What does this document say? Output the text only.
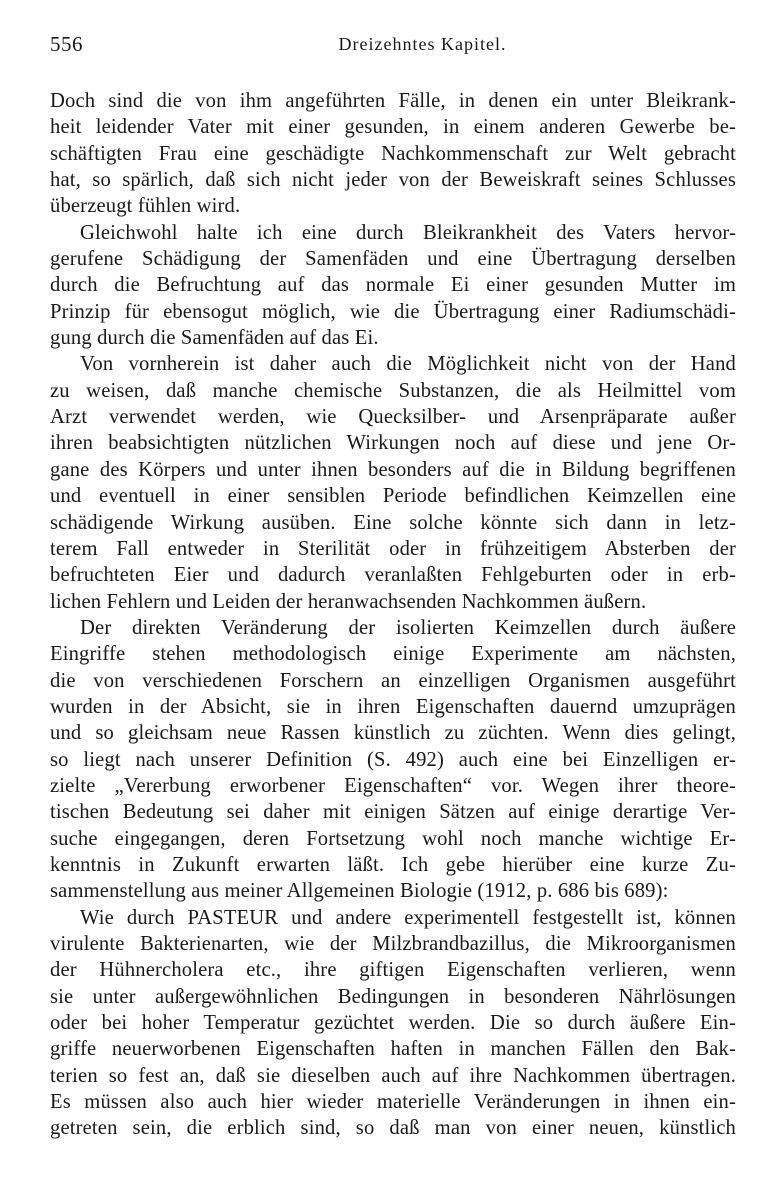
556	Dreizehntes Kapitel.
Doch sind die von ihm angeführten Fälle, in denen ein unter Bleikrank-
heit leidender Vater mit einer gesunden, in einem anderen Gewerbe be-
schäftigten Frau eine geschädigte Nachkommenschaft zur Welt gebracht
hat, so spärlich, daß sich nicht jeder von der Beweiskraft seines Schlusses
überzeugt fühlen wird.
Gleichwohl halte ich eine durch Bleikrankheit des Vaters hervor-
gerufene Schädigung der Samenfäden und eine Übertragung derselben
durch die Befruchtung auf das normale Ei einer gesunden Mutter im
Prinzip für ebensogut möglich, wie die Übertragung einer Radiumschädi-
gung durch die Samenfäden auf das Ei.
Von vornherein ist daher auch die Möglichkeit nicht von der Hand
zu weisen, daß manche chemische Substanzen, die als Heilmittel vom
Arzt verwendet werden, wie Quecksilber- und Arsenpräparate außer
ihren beabsichtigten nützlichen Wirkungen noch auf diese und jene Or-
gane des Körpers und unter ihnen besonders auf die in Bildung begriffenen
und eventuell in einer sensiblen Periode befindlichen Keimzellen eine
schädigende Wirkung ausüben. Eine solche könnte sich dann in letz-
terem Fall entweder in Sterilität oder in frühzeitigem Absterben der
befruchteten Eier und dadurch veranlaßten Fehlgeburten oder in erb-
lichen Fehlern und Leiden der heranwachsenden Nachkommen äußern.
Der direkten Veränderung der isolierten Keimzellen durch äußere
Eingriffe stehen methodologisch einige Experimente am nächsten,
die von verschiedenen Forschern an einzelligen Organismen ausgeführt
wurden in der Absicht, sie in ihren Eigenschaften dauernd umzuprägen
und so gleichsam neue Rassen künstlich zu züchten. Wenn dies gelingt,
so liegt nach unserer Definition (S. 492) auch eine bei Einzelligen er-
zielte „Vererbung erworbener Eigenschaften“ vor. Wegen ihrer theore-
tischen Bedeutung sei daher mit einigen Sätzen auf einige derartige Ver-
suche eingegangen, deren Fortsetzung wohl noch manche wichtige Er-
kenntnis in Zukunft erwarten läßt. Ich gebe hierüber eine kurze Zu-
sammenstellung aus meiner Allgemeinen Biologie (1912, p. 686 bis 689):
Wie durch PASTEUR und andere experimentell festgestellt ist, können
virulente Bakterienarten, wie der Milzbrandbazillus, die Mikroorganismen
der Hühnercholera etc., ihre giftigen Eigenschaften verlieren, wenn
sie unter außergewöhnlichen Bedingungen in besonderen Nährlösungen
oder bei hoher Temperatur gezüchtet werden. Die so durch äußere Ein-
griffe neuerworbenen Eigenschaften haften in manchen Fällen den Bak-
terien so fest an, daß sie dieselben auch auf ihre Nachkommen übertragen.
Es müssen also auch hier wieder materielle Veränderungen in ihnen ein-
getreten sein, die erblich sind, so daß man von einer neuen, künstlich
